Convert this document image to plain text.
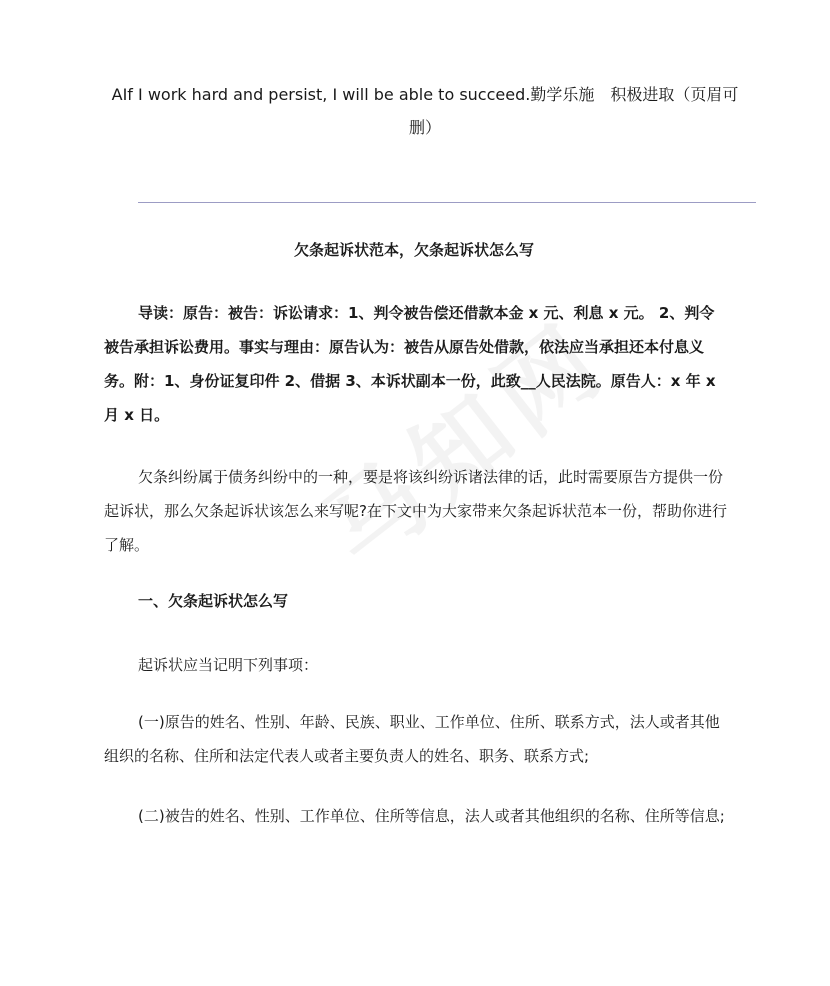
AIf I work hard and persist, I will be able to succeed.勤学乐施　积极进取（页眉可删）
欠条起诉状范本，欠条起诉状怎么写
导读：原告：被告：诉讼请求：1、判令被告偿还借款本金 x 元、利息 x 元。 2、判令被告承担诉讼费用。事实与理由：原告认为：被告从原告处借款，依法应当承担还本付息义务。附：1、身份证复印件 2、借据 3、本诉状副本一份，此致__人民法院。原告人：x 年 x 月 x 日。
欠条纠纷属于债务纠纷中的一种，要是将该纠纷诉诸法律的话，此时需要原告方提供一份起诉状，那么欠条起诉状该怎么来写呢?在下文中为大家带来欠条起诉状范本一份，帮助你进行了解。
一、欠条起诉状怎么写
起诉状应当记明下列事项：
(一)原告的姓名、性别、年龄、民族、职业、工作单位、住所、联系方式，法人或者其他组织的名称、住所和法定代表人或者主要负责人的姓名、职务、联系方式;
(二)被告的姓名、性别、工作单位、住所等信息，法人或者其他组织的名称、住所等信息;
